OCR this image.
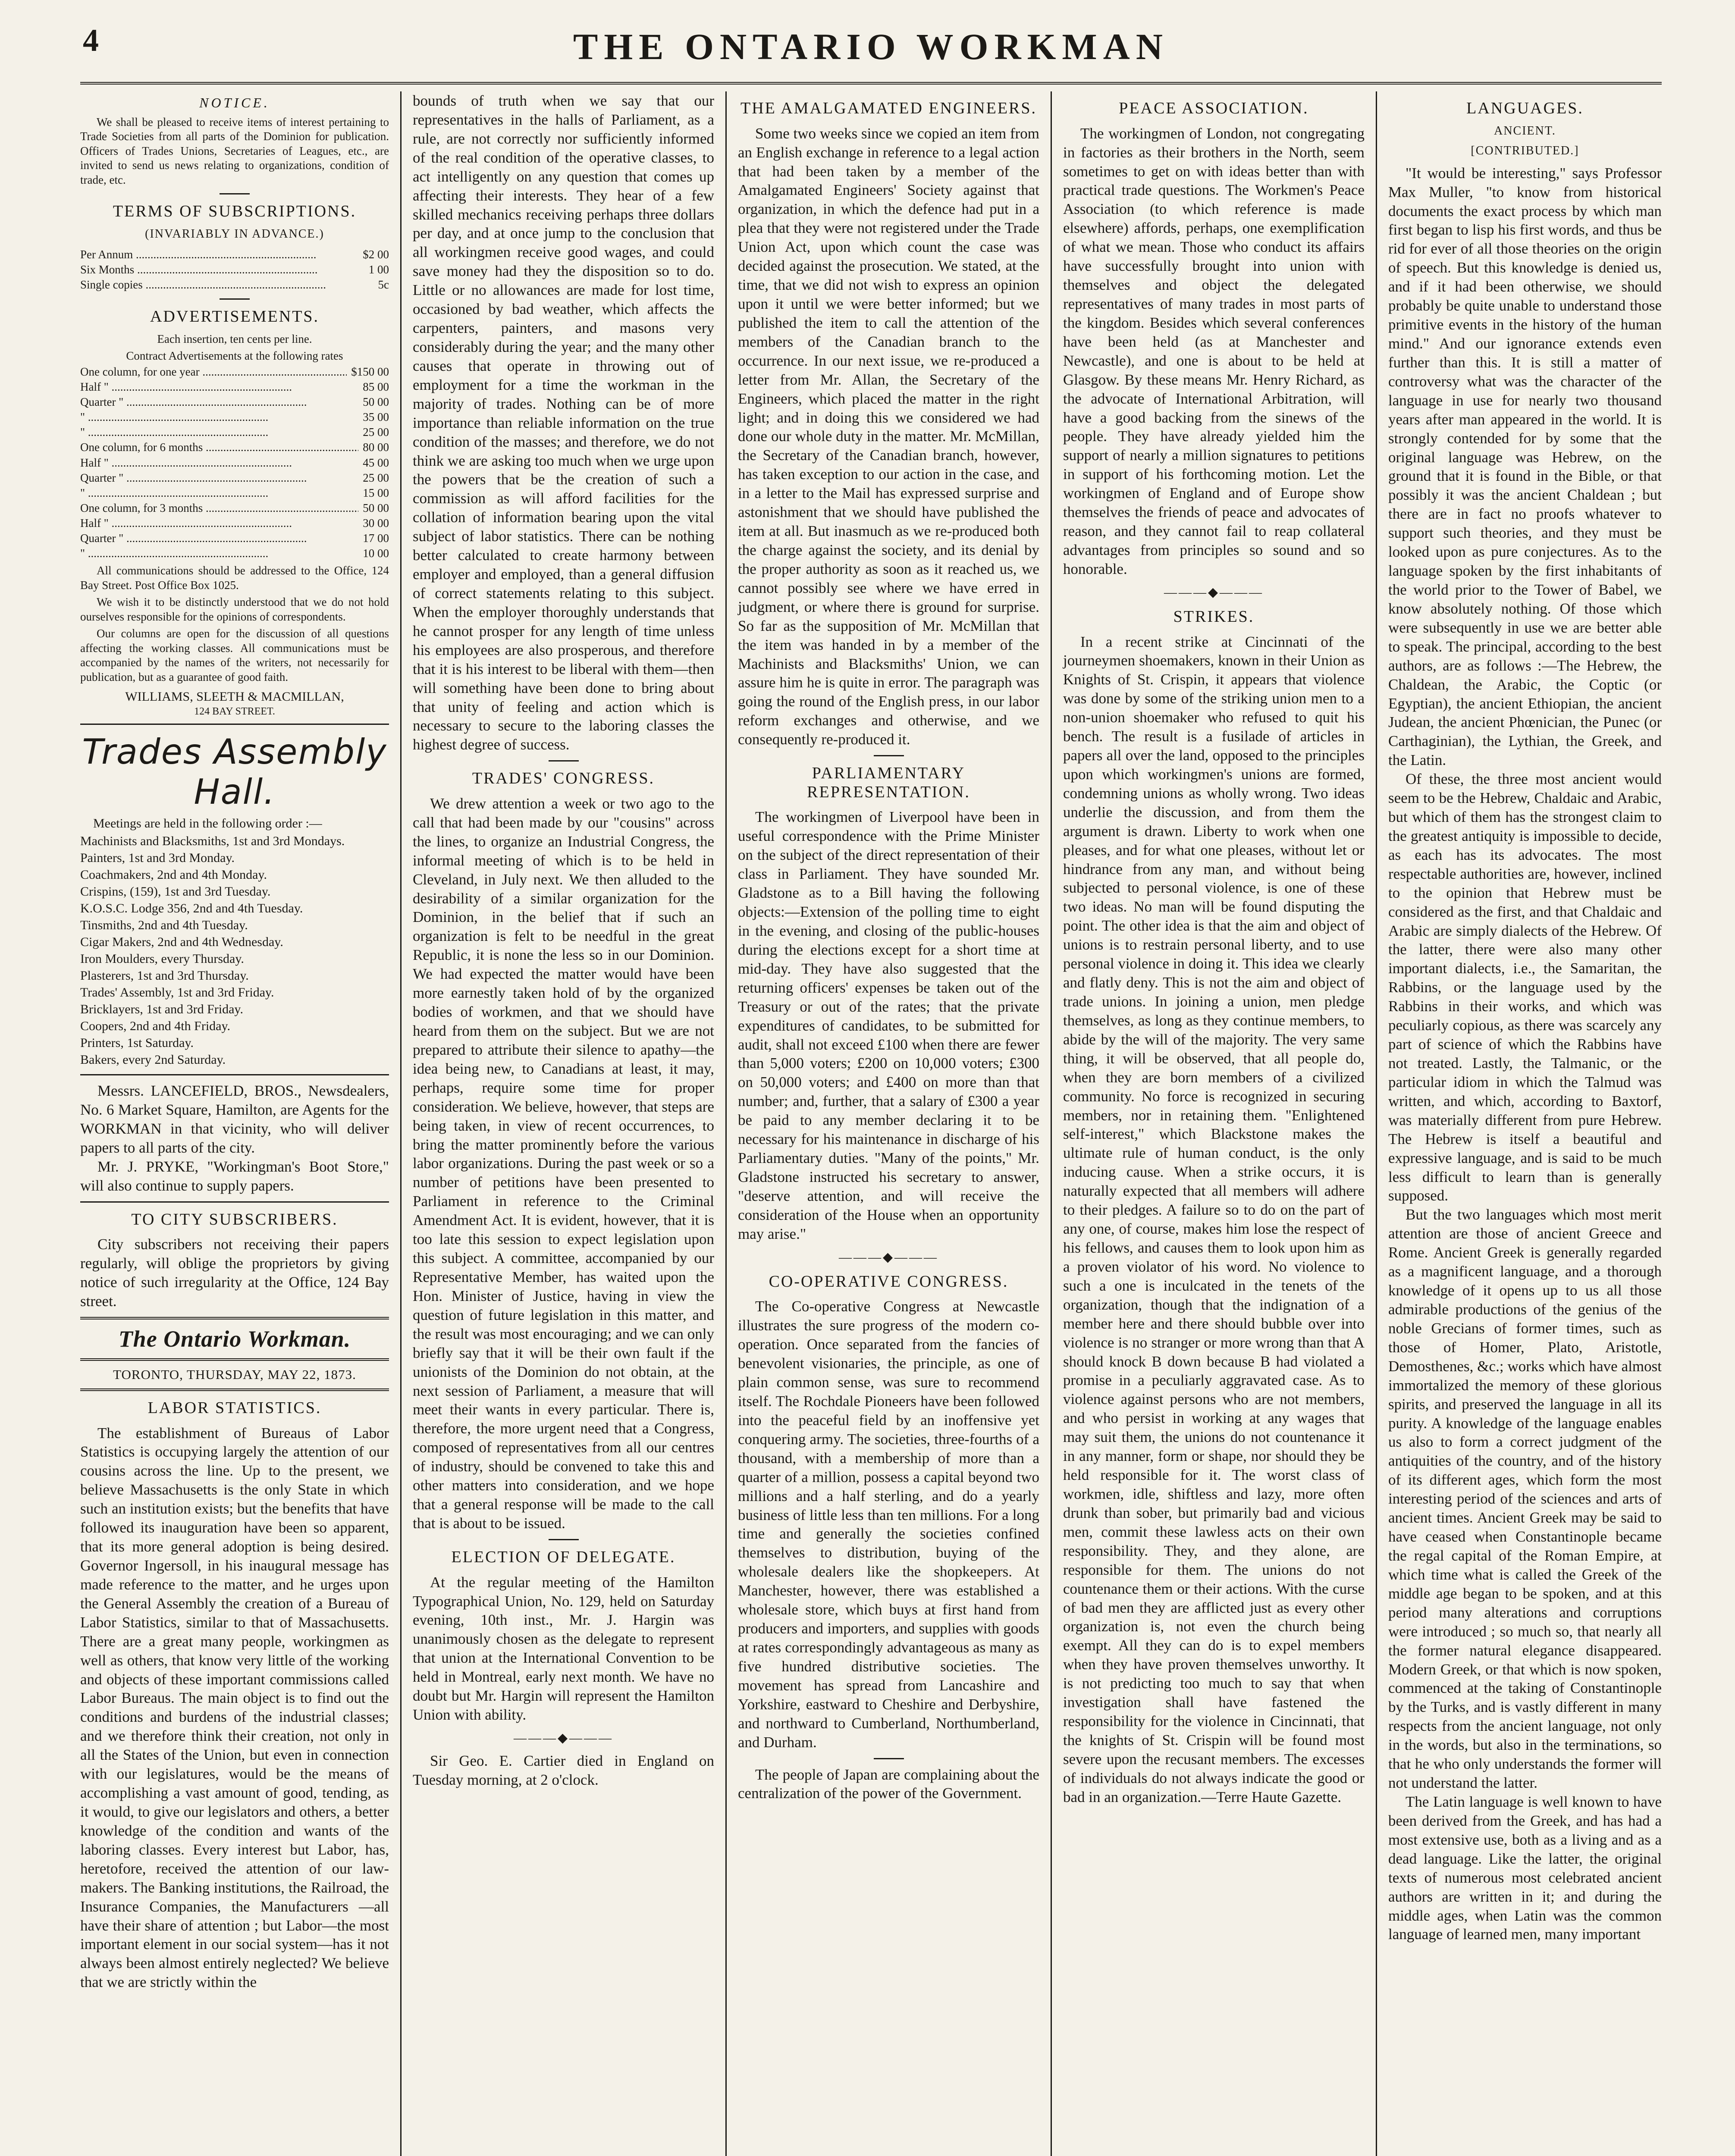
4	THE ONTARIO WORKMAN
NOTICE.

We shall be pleased to receive items of interest pertaining to Trade Societies from all parts of the Dominion for publication. Officers of Trades Unions, Secretaries of Leagues, etc., are invited to send us news relating to organizations, condition of trade, etc.

TERMS OF SUBSCRIPTIONS.
(INVARIABLY IN ADVANCE.)
Per Annum .....	$2 00
Six Months .....	1 00
Single copies .....	5c
ADVERTISEMENTS.
Each insertion, ten cents per line.
Contract Advertisements at the following rates
One column, for one year .....	$150 00
Half " .....	85 00
Quarter " .....	50 00
" .....	35 00
" .....	25 00
One column, for 6 months .....	80 00
Half " .....	45 00
Quarter " .....	25 00
" .....	15 00
One column, for 3 months .....	50 00
Half " .....	30 00
Quarter " .....	17 00
" .....	10 00

All communications should be addressed to the Office, 124 Bay Street. Post Office Box 1025.

We wish it to be distinctly understood that we do not hold ourselves responsible for the opinions of correspondents.

Our columns are open for the discussion of all questions affecting the working classes. All communications must be accompanied by the names of the writers, not necessarily for publication, but as a guarantee of good faith.

WILLIAMS, SLEETH & MACMILLAN,
124 BAY STREET.
Trades Assembly Hall.
Meetings are held in the following order :—
Machinists and Blacksmiths, 1st and 3rd Mondays.
Painters, 1st and 3rd Monday.
Coachmakers, 2nd and 4th Monday.
Crispins, (159), 1st and 3rd Tuesday.
K.O.S.C. Lodge 356, 2nd and 4th Tuesday.
Tinsmiths, 2nd and 4th Tuesday.
Cigar Makers, 2nd and 4th Wednesday.
Iron Moulders, every Thursday.
Plasterers, 1st and 3rd Thursday.
Trades' Assembly, 1st and 3rd Friday.
Bricklayers, 1st and 3rd Friday.
Coopers, 2nd and 4th Friday.
Printers, 1st Saturday.
Bakers, every 2nd Saturday.

Messrs. LANCEFIELD, BROS., Newsdealers, No. 6 Market Square, Hamilton, are Agents for the WORKMAN in that vicinity, who will deliver papers to all parts of the city.

Mr. J. PRYKE, "Workingman's Boot Store," will also continue to supply papers.

TO CITY SUBSCRIBERS.

City subscribers not receiving their papers regularly, will oblige the proprietors by giving notice of such irregularity at the Office, 124 Bay street.

The Ontario Workman.
TORONTO, THURSDAY, MAY 22, 1873.
LABOR STATISTICS.

The establishment of Bureaus of Labor Statistics is occupying largely the attention of our cousins across the line. Up to the present, we believe Massachusetts is the only State in which such an institution exists; but the benefits that have followed its inauguration have been so apparent, that its more general adoption is being desired. Governor Ingersoll, in his inaugural message has made reference to the matter, and he urges upon the General Assembly the creation of a Bureau of Labor Statistics, similar to that of Massachusetts. There are a great many people, workingmen as well as others, that know very little of the working and objects of these important commissions called Labor Bureaus. The main object is to find out the conditions and burdens of the industrial classes; and we therefore think their creation, not only in all the States of the Union, but even in connection with our legislatures, would be the means of accomplishing a vast amount of good, tending, as it would, to give our legislators and others, a better knowledge of the condition and wants of the laboring classes. Every interest but Labor, has, heretofore, received the attention of our law-makers. The Banking institutions, the Railroad, the Insurance Companies, the Manufacturers —all have their share of attention ; but Labor—the most important element in our social system—has it not always been almost entirely neglected? We believe that we are strictly within the

bounds of truth when we say that our representatives in the halls of Parliament, as a rule, are not correctly nor sufficiently informed of the real condition of the operative classes, to act intelligently on any question that comes up affecting their interests. They hear of a few skilled mechanics receiving perhaps three dollars per day, and at once jump to the conclusion that all workingmen receive good wages, and could save money had they the disposition so to do. Little or no allowances are made for lost time, occasioned by bad weather, which affects the carpenters, painters, and masons very considerably during the year; and the many other causes that operate in throwing out of employment for a time the workman in the majority of trades. Nothing can be of more importance than reliable information on the true condition of the masses; and therefore, we do not think we are asking too much when we urge upon the powers that be the creation of such a commission as will afford facilities for the collation of information bearing upon the vital subject of labor statistics. There can be nothing better calculated to create harmony between employer and employed, than a general diffusion of correct statements relating to this subject. When the employer thoroughly understands that he cannot prosper for any length of time unless his employees are also prosperous, and therefore that it is his interest to be liberal with them—then will something have been done to bring about that unity of feeling and action which is necessary to secure to the laboring classes the highest degree of success.

TRADES' CONGRESS.

We drew attention a week or two ago to the call that had been made by our "cousins" across the lines, to organize an Industrial Congress, the informal meeting of which is to be held in Cleveland, in July next. We then alluded to the desirability of a similar organization for the Dominion, in the belief that if such an organization is felt to be needful in the great Republic, it is none the less so in our Dominion. We had expected the matter would have been more earnestly taken hold of by the organized bodies of workmen, and that we should have heard from them on the subject. But we are not prepared to attribute their silence to apathy—the idea being new, to Canadians at least, it may, perhaps, require some time for proper consideration. We believe, however, that steps are being taken, in view of recent occurrences, to bring the matter prominently before the various labor organizations. During the past week or so a number of petitions have been presented to Parliament in reference to the Criminal Amendment Act. It is evident, however, that it is too late this session to expect legislation upon this subject. A committee, accompanied by our Representative Member, has waited upon the Hon. Minister of Justice, having in view the question of future legislation in this matter, and the result was most encouraging; and we can only briefly say that it will be their own fault if the unionists of the Dominion do not obtain, at the next session of Parliament, a measure that will meet their wants in every particular. There is, therefore, the more urgent need that a Congress, composed of representatives from all our centres of industry, should be convened to take this and other matters into consideration, and we hope that a general response will be made to the call that is about to be issued.

ELECTION OF DELEGATE.

At the regular meeting of the Hamilton Typographical Union, No. 129, held on Saturday evening, 10th inst., Mr. J. Hargin was unanimously chosen as the delegate to represent that union at the International Convention to be held in Montreal, early next month. We have no doubt but Mr. Hargin will represent the Hamilton Union with ability.

———◆———

Sir Geo. E. Cartier died in England on Tuesday morning, at 2 o'clock.

THE AMALGAMATED ENGINEERS.

Some two weeks since we copied an item from an English exchange in reference to a legal action that had been taken by a member of the Amalgamated Engineers' Society against that organization, in which the defence had put in a plea that they were not registered under the Trade Union Act, upon which count the case was decided against the prosecution. We stated, at the time, that we did not wish to express an opinion upon it until we were better informed; but we published the item to call the attention of the members of the Canadian branch to the occurrence. In our next issue, we re-produced a letter from Mr. Allan, the Secretary of the Engineers, which placed the matter in the right light; and in doing this we considered we had done our whole duty in the matter. Mr. McMillan, the Secretary of the Canadian branch, however, has taken exception to our action in the case, and in a letter to the Mail has expressed surprise and astonishment that we should have published the item at all. But inasmuch as we re-produced both the charge against the society, and its denial by the proper authority as soon as it reached us, we cannot possibly see where we have erred in judgment, or where there is ground for surprise. So far as the supposition of Mr. McMillan that the item was handed in by a member of the Machinists and Blacksmiths' Union, we can assure him he is quite in error. The paragraph was going the round of the English press, in our labor reform exchanges and otherwise, and we consequently re-produced it.

PARLIAMENTARY REPRESENTATION.

The workingmen of Liverpool have been in useful correspondence with the Prime Minister on the subject of the direct representation of their class in Parliament. They have sounded Mr. Gladstone as to a Bill having the following objects:—Extension of the polling time to eight in the evening, and closing of the public-houses during the elections except for a short time at mid-day. They have also suggested that the returning officers' expenses be taken out of the Treasury or out of the rates; that the private expenditures of candidates, to be submitted for audit, shall not exceed £100 when there are fewer than 5,000 voters; £200 on 10,000 voters; £300 on 50,000 voters; and £400 on more than that number; and, further, that a salary of £300 a year be paid to any member declaring it to be necessary for his maintenance in discharge of his Parliamentary duties. "Many of the points," Mr. Gladstone instructed his secretary to answer, "deserve attention, and will receive the consideration of the House when an opportunity may arise."

———◆———
CO-OPERATIVE CONGRESS.

The Co-operative Congress at Newcastle illustrates the sure progress of the modern co-operation. Once separated from the fancies of benevolent visionaries, the principle, as one of plain common sense, was sure to recommend itself. The Rochdale Pioneers have been followed into the peaceful field by an inoffensive yet conquering army. The societies, three-fourths of a thousand, with a membership of more than a quarter of a million, possess a capital beyond two millions and a half sterling, and do a yearly business of little less than ten millions. For a long time and generally the societies confined themselves to distribution, buying of the wholesale dealers like the shopkeepers. At Manchester, however, there was established a wholesale store, which buys at first hand from producers and importers, and supplies with goods at rates correspondingly advantageous as many as five hundred distributive societies. The movement has spread from Lancashire and Yorkshire, eastward to Cheshire and Derbyshire, and northward to Cumberland, Northumberland, and Durham.

The people of Japan are complaining about the centralization of the power of the Government.

PEACE ASSOCIATION.

The workingmen of London, not congregating in factories as their brothers in the North, seem sometimes to get on with ideas better than with practical trade questions. The Workmen's Peace Association (to which reference is made elsewhere) affords, perhaps, one exemplification of what we mean. Those who conduct its affairs have successfully brought into union with themselves and object the delegated representatives of many trades in most parts of the kingdom. Besides which several conferences have been held (as at Manchester and Newcastle), and one is about to be held at Glasgow. By these means Mr. Henry Richard, as the advocate of International Arbitration, will have a good backing from the sinews of the people. They have already yielded him the support of nearly a million signatures to petitions in support of his forthcoming motion. Let the workingmen of England and of Europe show themselves the friends of peace and advocates of reason, and they cannot fail to reap collateral advantages from principles so sound and so honorable.

———◆———
STRIKES.

In a recent strike at Cincinnati of the journeymen shoemakers, known in their Union as Knights of St. Crispin, it appears that violence was done by some of the striking union men to a non-union shoemaker who refused to quit his bench. The result is a fusilade of articles in papers all over the land, opposed to the principles upon which workingmen's unions are formed, condemning unions as wholly wrong. Two ideas underlie the discussion, and from them the argument is drawn. Liberty to work when one pleases, and for what one pleases, without let or hindrance from any man, and without being subjected to personal violence, is one of these two ideas. No man will be found disputing the point. The other idea is that the aim and object of unions is to restrain personal liberty, and to use personal violence in doing it. This idea we clearly and flatly deny. This is not the aim and object of trade unions. In joining a union, men pledge themselves, as long as they continue members, to abide by the will of the majority. The very same thing, it will be observed, that all people do, when they are born members of a civilized community. No force is recognized in securing members, nor in retaining them. "Enlightened self-interest," which Blackstone makes the ultimate rule of human conduct, is the only inducing cause. When a strike occurs, it is naturally expected that all members will adhere to their pledges. A failure so to do on the part of any one, of course, makes him lose the respect of his fellows, and causes them to look upon him as a proven violator of his word. No violence to such a one is inculcated in the tenets of the organization, though that the indignation of a member here and there should bubble over into violence is no stranger or more wrong than that A should knock B down because B had violated a promise in a peculiarly aggravated case. As to violence against persons who are not members, and who persist in working at any wages that may suit them, the unions do not countenance it in any manner, form or shape, nor should they be held responsible for it. The worst class of workmen, idle, shiftless and lazy, more often drunk than sober, but primarily bad and vicious men, commit these lawless acts on their own responsibility. They, and they alone, are responsible for them. The unions do not countenance them or their actions. With the curse of bad men they are afflicted just as every other organization is, not even the church being exempt. All they can do is to expel members when they have proven themselves unworthy. It is not predicting too much to say that when investigation shall have fastened the responsibility for the violence in Cincinnati, that the knights of St. Crispin will be found most severe upon the recusant members. The excesses of individuals do not always indicate the good or bad in an organization.—Terre Haute Gazette.

LANGUAGES.
ANCIENT.
[CONTRIBUTED.]

"It would be interesting," says Professor Max Muller, "to know from historical documents the exact process by which man first began to lisp his first words, and thus be rid for ever of all those theories on the origin of speech. But this knowledge is denied us, and if it had been otherwise, we should probably be quite unable to understand those primitive events in the history of the human mind." And our ignorance extends even further than this. It is still a matter of controversy what was the character of the language in use for nearly two thousand years after man appeared in the world. It is strongly contended for by some that the original language was Hebrew, on the ground that it is found in the Bible, or that possibly it was the ancient Chaldean ; but there are in fact no proofs whatever to support such theories, and they must be looked upon as pure conjectures. As to the language spoken by the first inhabitants of the world prior to the Tower of Babel, we know absolutely nothing. Of those which were subsequently in use we are better able to speak. The principal, according to the best authors, are as follows :—The Hebrew, the Chaldean, the Arabic, the Coptic (or Egyptian), the ancient Ethiopian, the ancient Judean, the ancient Phœnician, the Punec (or Carthaginian), the Lythian, the Greek, and the Latin.

Of these, the three most ancient would seem to be the Hebrew, Chaldaic and Arabic, but which of them has the strongest claim to the greatest antiquity is impossible to decide, as each has its advocates. The most respectable authorities are, however, inclined to the opinion that Hebrew must be considered as the first, and that Chaldaic and Arabic are simply dialects of the Hebrew. Of the latter, there were also many other important dialects, i.e., the Samaritan, the Rabbins, or the language used by the Rabbins in their works, and which was peculiarly copious, as there was scarcely any part of science of which the Rabbins have not treated. Lastly, the Talmanic, or the particular idiom in which the Talmud was written, and which, according to Baxtorf, was materially different from pure Hebrew. The Hebrew is itself a beautiful and expressive language, and is said to be much less difficult to learn than is generally supposed.

But the two languages which most merit attention are those of ancient Greece and Rome. Ancient Greek is generally regarded as a magnificent language, and a thorough knowledge of it opens up to us all those admirable productions of the genius of the noble Grecians of former times, such as those of Homer, Plato, Aristotle, Demosthenes, &c.; works which have almost immortalized the memory of these glorious spirits, and preserved the language in all its purity. A knowledge of the language enables us also to form a correct judgment of the antiquities of the country, and of the history of its different ages, which form the most interesting period of the sciences and arts of ancient times. Ancient Greek may be said to have ceased when Constantinople became the regal capital of the Roman Empire, at which time what is called the Greek of the middle age began to be spoken, and at this period many alterations and corruptions were introduced ; so much so, that nearly all the former natural elegance disappeared. Modern Greek, or that which is now spoken, commenced at the taking of Constantinople by the Turks, and is vastly different in many respects from the ancient language, not only in the words, but also in the terminations, so that he who only understands the former will not understand the latter.

The Latin language is well known to have been derived from the Greek, and has had a most extensive use, both as a living and as a dead language. Like the latter, the original texts of numerous most celebrated ancient authors are written in it; and during the middle ages, when Latin was the common language of learned men, many important
